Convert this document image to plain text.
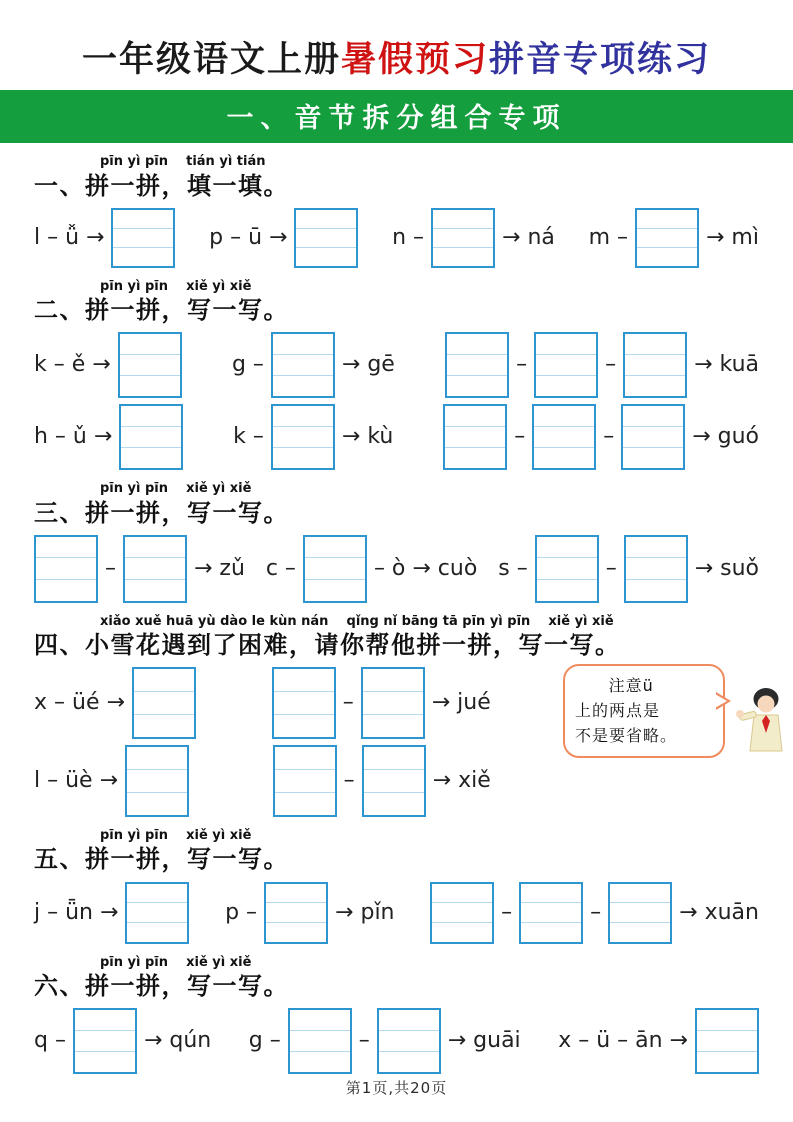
一年级语文上册暑假预习拼音专项练习
一、音节拆分组合专项
pīn yì pīn    tián yì tián
一、拼一拼，填一填。
l – ǚ →	p – ū →	n –	→ ná m –	→ mì
pīn yì pīn    xiě yì xiě
二、拼一拼，写一写。
k – ě →	g –	→ gē	–	–	→ kuā
h – ǔ →	k –	→ kù	–	–	→ guó
pīn yì pīn    xiě yì xiě
三、拼一拼，写一写。
–	→ zǔ c –	– ò → cuò s –	–	→ suǒ
xiǎo xuě huā yù dào le kùn nán    qǐng nǐ bāng tā pīn yì pīn    xiě yì xiě
四、小雪花遇到了困难，请你帮他拼一拼，写一写。
x – üé →	–	→ jué
l – üè →	–	→ xiě
pīn yì pīn    xiě yì xiě
五、拼一拼，写一写。
j – ǖn →	p –	→ pǐn	–	–	→ xuān
pīn yì pīn    xiě yì xiě
六、拼一拼，写一写。
q –	→ qún g –	–	→ guāi x – ü – ān →
第1页,共20页
注意ü
上的两点是
不是要省略。
